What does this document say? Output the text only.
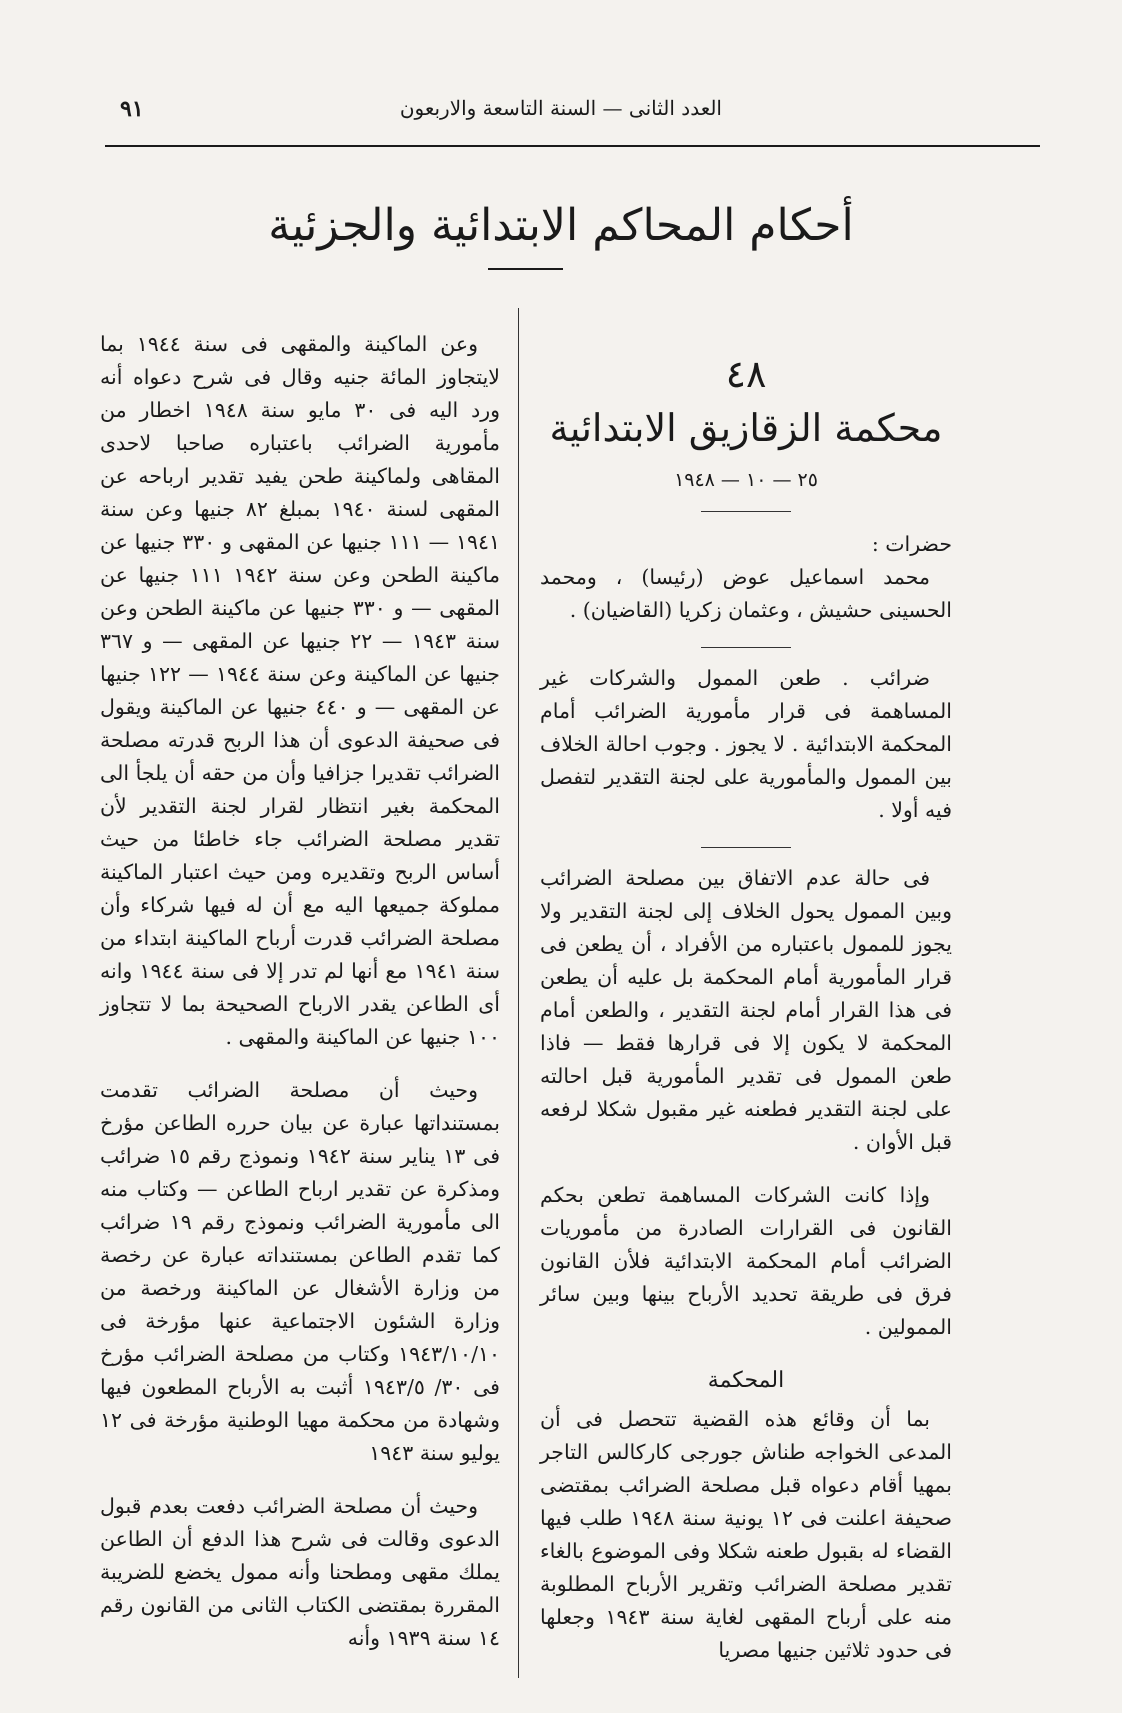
العدد الثانى — السنة التاسعة والاربعون
٩١
أحكام المحاكم الابتدائية والجزئية
٤٨
محكمة الزقازيق الابتدائية
٢٥ — ١٠ — ١٩٤٨
حضرات :

محمد اسماعيل عوض (رئيسا) ، ومحمد الحسينى حشيش ، وعثمان زكريا (القاضيان) .

ضرائب . طعن الممول والشركات غير المساهمة فى قرار مأمورية الضرائب أمام المحكمة الابتدائية . لا يجوز . وجوب احالة الخلاف بين الممول والمأمورية على لجنة التقدير لتفصل فيه أولا .

فى حالة عدم الاتفاق بين مصلحة الضرائب وبين الممول يحول الخلاف إلى لجنة التقدير ولا يجوز للممول باعتباره من الأفراد ، أن يطعن فى قرار المأمورية أمام المحكمة بل عليه أن يطعن فى هذا القرار أمام لجنة التقدير ، والطعن أمام المحكمة لا يكون إلا فى قرارها فقط — فاذا طعن الممول فى تقدير المأمورية قبل احالته على لجنة التقدير فطعنه غير مقبول شكلا لرفعه قبل الأوان .

وإذا كانت الشركات المساهمة تطعن بحكم القانون فى القرارات الصادرة من مأموريات الضرائب أمام المحكمة الابتدائية فلأن القانون فرق فى طريقة تحديد الأرباح بينها وبين سائر الممولين .

المحكمة

بما أن وقائع هذه القضية تتحصل فى أن المدعى الخواجه طناش جورجى كاركالس التاجر بمهيا أقام دعواه قبل مصلحة الضرائب بمقتضى صحيفة اعلنت فى ١٢ يونية سنة ١٩٤٨ طلب فيها القضاء له بقبول طعنه شكلا وفى الموضوع بالغاء تقدير مصلحة الضرائب وتقرير الأرباح المطلوبة منه على أرباح المقهى لغاية سنة ١٩٤٣ وجعلها فى حدود ثلاثين جنيها مصريا

وعن الماكينة والمقهى فى سنة ١٩٤٤ بما لايتجاوز المائة جنيه وقال فى شرح دعواه أنه ورد اليه فى ٣٠ مايو سنة ١٩٤٨ اخطار من مأمورية الضرائب باعتباره صاحبا لاحدى المقاهى ولماكينة طحن يفيد تقدير ارباحه عن المقهى لسنة ١٩٤٠ بمبلغ ٨٢ جنيها وعن سنة ١٩٤١ — ١١١ جنيها عن المقهى و ٣٣٠ جنيها عن ماكينة الطحن وعن سنة ١٩٤٢ ١١١ جنيها عن المقهى — و ٣٣٠ جنيها عن ماكينة الطحن وعن سنة ١٩٤٣ — ٢٢ جنيها عن المقهى — و ٣٦٧ جنيها عن الماكينة وعن سنة ١٩٤٤ — ١٢٢ جنيها عن المقهى — و ٤٤٠ جنيها عن الماكينة ويقول فى صحيفة الدعوى أن هذا الربح قدرته مصلحة الضرائب تقديرا جزافيا وأن من حقه أن يلجأ الى المحكمة بغير انتظار لقرار لجنة التقدير لأن تقدير مصلحة الضرائب جاء خاطئا من حيث أساس الربح وتقديره ومن حيث اعتبار الماكينة مملوكة جميعها اليه مع أن له فيها شركاء وأن مصلحة الضرائب قدرت أرباح الماكينة ابتداء من سنة ١٩٤١ مع أنها لم تدر إلا فى سنة ١٩٤٤ وانه أى الطاعن يقدر الارباح الصحيحة بما لا تتجاوز ١٠٠ جنيها عن الماكينة والمقهى .

وحيث أن مصلحة الضرائب تقدمت بمستنداتها عبارة عن بيان حرره الطاعن مؤرخ فى ١٣ يناير سنة ١٩٤٢ ونموذج رقم ١٥ ضرائب ومذكرة عن تقدير ارباح الطاعن — وكتاب منه الى مأمورية الضرائب ونموذج رقم ١٩ ضرائب كما تقدم الطاعن بمستنداته عبارة عن رخصة من وزارة الأشغال عن الماكينة ورخصة من وزارة الشئون الاجتماعية عنها مؤرخة فى ١٩٤٣/١٠/١٠ وكتاب من مصلحة الضرائب مؤرخ فى ٣٠/ ١٩٤٣/٥ أثبت به الأرباح المطعون فيها وشهادة من محكمة مهيا الوطنية مؤرخة فى ١٢ يوليو سنة ١٩٤٣

وحيث أن مصلحة الضرائب دفعت بعدم قبول الدعوى وقالت فى شرح هذا الدفع أن الطاعن يملك مقهى ومطحنا وأنه ممول يخضع للضريبة المقررة بمقتضى الكتاب الثانى من القانون رقم ١٤ سنة ١٩٣٩ وأنه
